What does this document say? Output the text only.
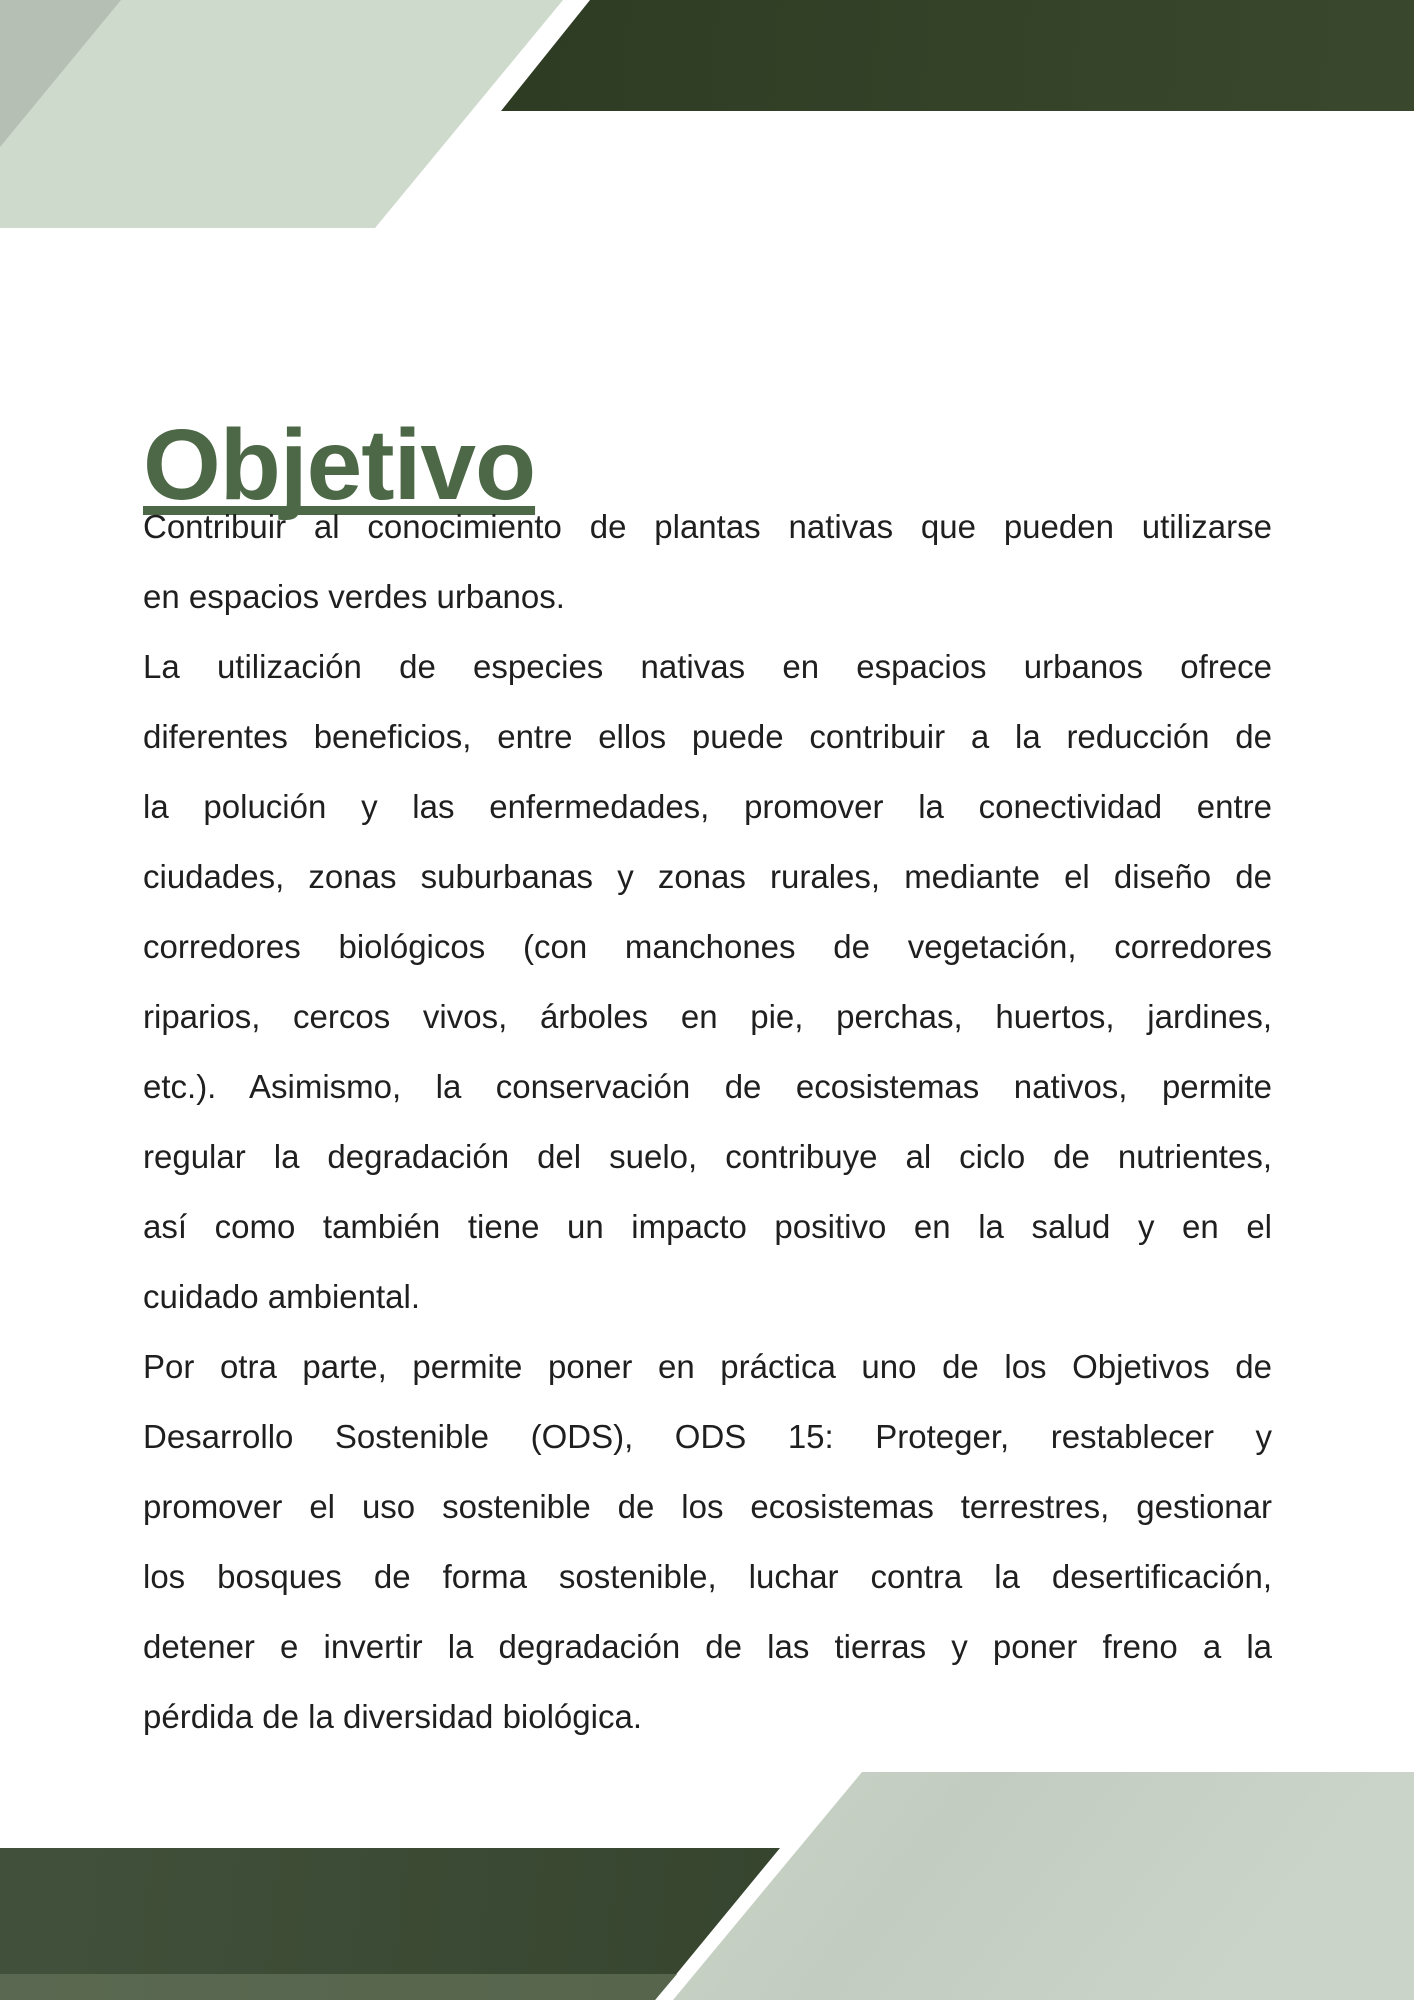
Objetivo
Contribuir al conocimiento de plantas nativas que pueden utilizarse
en espacios verdes urbanos.
La utilización de especies nativas en espacios urbanos ofrece
diferentes beneficios, entre ellos puede contribuir a la reducción de
la polución y las enfermedades, promover la conectividad entre
ciudades, zonas suburbanas y zonas rurales, mediante el diseño de
corredores biológicos (con manchones de vegetación, corredores
riparios, cercos vivos, árboles en pie, perchas, huertos, jardines,
etc.). Asimismo, la conservación de ecosistemas nativos, permite
regular la degradación del suelo, contribuye al ciclo de nutrientes,
así como también tiene un impacto positivo en la salud y en el
cuidado ambiental.
Por otra parte, permite poner en práctica uno de los Objetivos de
Desarrollo Sostenible (ODS), ODS 15: Proteger, restablecer y
promover el uso sostenible de los ecosistemas terrestres, gestionar
los bosques de forma sostenible, luchar contra la desertificación,
detener e invertir la degradación de las tierras y poner freno a la
pérdida de la diversidad biológica.
